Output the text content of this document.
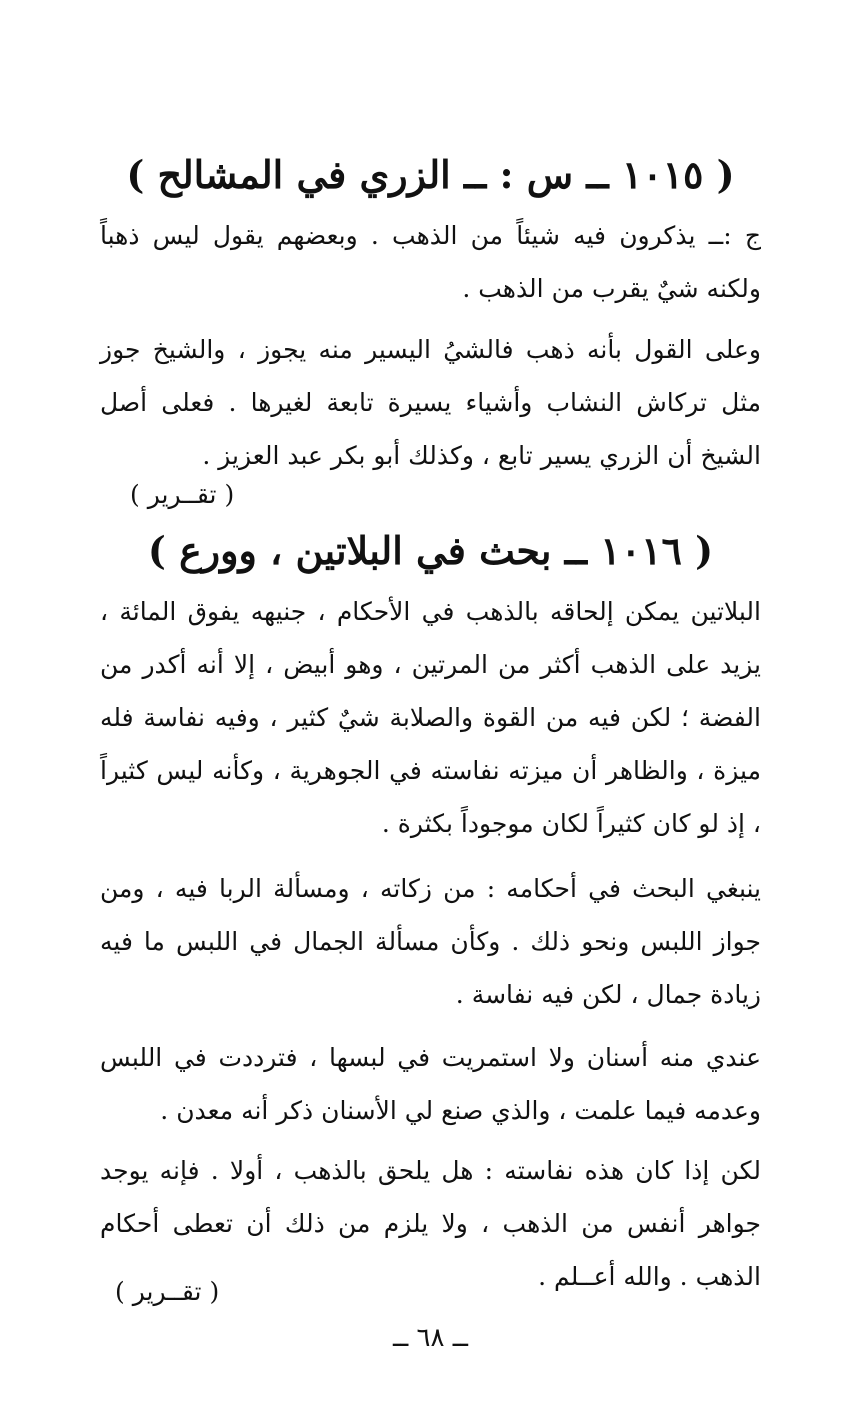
( ١٠١٥ ــ س : ــ الزري في المشالح )
ج :ــ يذكرون فيه شيئاً من الذهب . وبعضهم يقول ليس ذهباً ولكنه شيٌ يقرب من الذهب .
وعلى القول بأنه ذهب فالشيُ اليسير منه يجوز ، والشيخ جوز مثل تركاش النشاب وأشياء يسيرة تابعة لغيرها . فعلى أصل الشيخ أن الزري يسير تابع ، وكذلك أبو بكر عبد العزيز .
( تقــرير )
( ١٠١٦ ــ بحث في البلاتين ، وورع )
البلاتين يمكن إلحاقه بالذهب في الأحكام ، جنيهه يفوق المائة ، يزيد على الذهب أكثر من المرتين ، وهو أبيض ، إلا أنه أكدر من الفضة ؛ لكن فيه من القوة والصلابة شيٌ كثير ، وفيه نفاسة فله ميزة ، والظاهر أن ميزته نفاسته في الجوهرية ، وكأنه ليس كثيراً ، إذ لو كان كثيراً لكان موجوداً بكثرة .
ينبغي البحث في أحكامه : من زكاته ، ومسألة الربا فيه ، ومن جواز اللبس ونحو ذلك . وكأن مسألة الجمال في اللبس ما فيه زيادة جمال ، لكن فيه نفاسة .
عندي منه أسنان ولا استمريت في لبسها ، فترددت في اللبس وعدمه فيما علمت ، والذي صنع لي الأسنان ذكر أنه معدن .
لكن إذا كان هذه نفاسته : هل يلحق بالذهب ، أولا . فإنه يوجد جواهر أنفس من الذهب ، ولا يلزم من ذلك أن تعطى أحكام الذهب . والله أعــلم .
( تقــرير )
ــ ٦٨ ــ
